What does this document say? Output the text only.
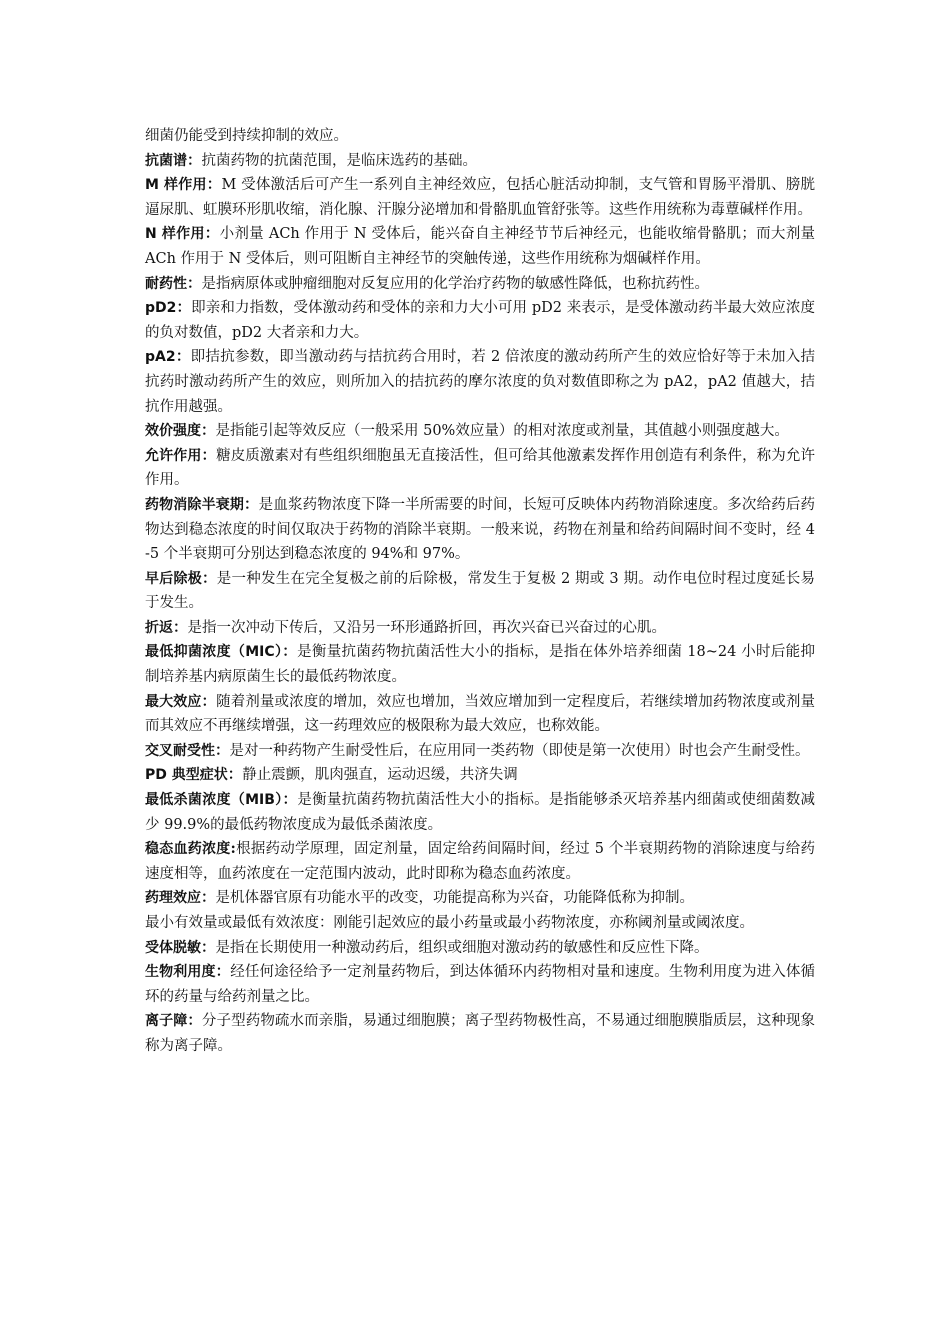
细菌仍能受到持续抑制的效应。

抗菌谱：抗菌药物的抗菌范围，是临床选药的基础。

M 样作用：M 受体激活后可产生一系列自主神经效应，包括心脏活动抑制，支气管和胃肠平滑肌、膀胱逼尿肌、虹膜环形肌收缩，消化腺、汗腺分泌增加和骨骼肌血管舒张等。这些作用统称为毒蕈碱样作用。

N 样作用：小剂量 ACh 作用于 N 受体后，能兴奋自主神经节节后神经元，也能收缩骨骼肌；而大剂量 ACh 作用于 N 受体后，则可阻断自主神经节的突触传递，这些作用统称为烟碱样作用。

耐药性：是指病原体或肿瘤细胞对反复应用的化学治疗药物的敏感性降低，也称抗药性。

pD2：即亲和力指数，受体激动药和受体的亲和力大小可用 pD2 来表示，是受体激动药半最大效应浓度的负对数值，pD2 大者亲和力大。

pA2：即拮抗参数，即当激动药与拮抗药合用时，若 2 倍浓度的激动药所产生的效应恰好等于未加入拮抗药时激动药所产生的效应，则所加入的拮抗药的摩尔浓度的负对数值即称之为 pA2，pA2 值越大，拮抗作用越强。

效价强度：是指能引起等效反应（一般采用 50%效应量）的相对浓度或剂量，其值越小则强度越大。

允许作用：糖皮质激素对有些组织细胞虽无直接活性，但可给其他激素发挥作用创造有利条件，称为允许作用。

药物消除半衰期：是血浆药物浓度下降一半所需要的时间，长短可反映体内药物消除速度。多次给药后药物达到稳态浓度的时间仅取决于药物的消除半衰期。一般来说，药物在剂量和给药间隔时间不变时，经 4-5 个半衰期可分别达到稳态浓度的 94%和 97%。

早后除极：是一种发生在完全复极之前的后除极，常发生于复极 2 期或 3 期。动作电位时程过度延长易于发生。

折返：是指一次冲动下传后，又沿另一环形通路折回，再次兴奋已兴奋过的心肌。

最低抑菌浓度（MIC）：是衡量抗菌药物抗菌活性大小的指标，是指在体外培养细菌 18~24 小时后能抑制培养基内病原菌生长的最低药物浓度。

最大效应：随着剂量或浓度的增加，效应也增加，当效应增加到一定程度后，若继续增加药物浓度或剂量而其效应不再继续增强，这一药理效应的极限称为最大效应，也称效能。

交叉耐受性：是对一种药物产生耐受性后，在应用同一类药物（即使是第一次使用）时也会产生耐受性。

PD 典型症状：静止震颤，肌肉强直，运动迟缓，共济失调

最低杀菌浓度（MIB）：是衡量抗菌药物抗菌活性大小的指标。是指能够杀灭培养基内细菌或使细菌数减少 99.9%的最低药物浓度成为最低杀菌浓度。

稳态血药浓度:根据药动学原理，固定剂量，固定给药间隔时间，经过 5 个半衰期药物的消除速度与给药速度相等，血药浓度在一定范围内波动，此时即称为稳态血药浓度。

药理效应：是机体器官原有功能水平的改变，功能提高称为兴奋，功能降低称为抑制。

最小有效量或最低有效浓度：刚能引起效应的最小药量或最小药物浓度，亦称阈剂量或阈浓度。

受体脱敏：是指在长期使用一种激动药后，组织或细胞对激动药的敏感性和反应性下降。

生物利用度：经任何途径给予一定剂量药物后，到达体循环内药物相对量和速度。生物利用度为进入体循环的药量与给药剂量之比。

离子障：分子型药物疏水而亲脂，易通过细胞膜；离子型药物极性高，不易通过细胞膜脂质层，这种现象称为离子障。
